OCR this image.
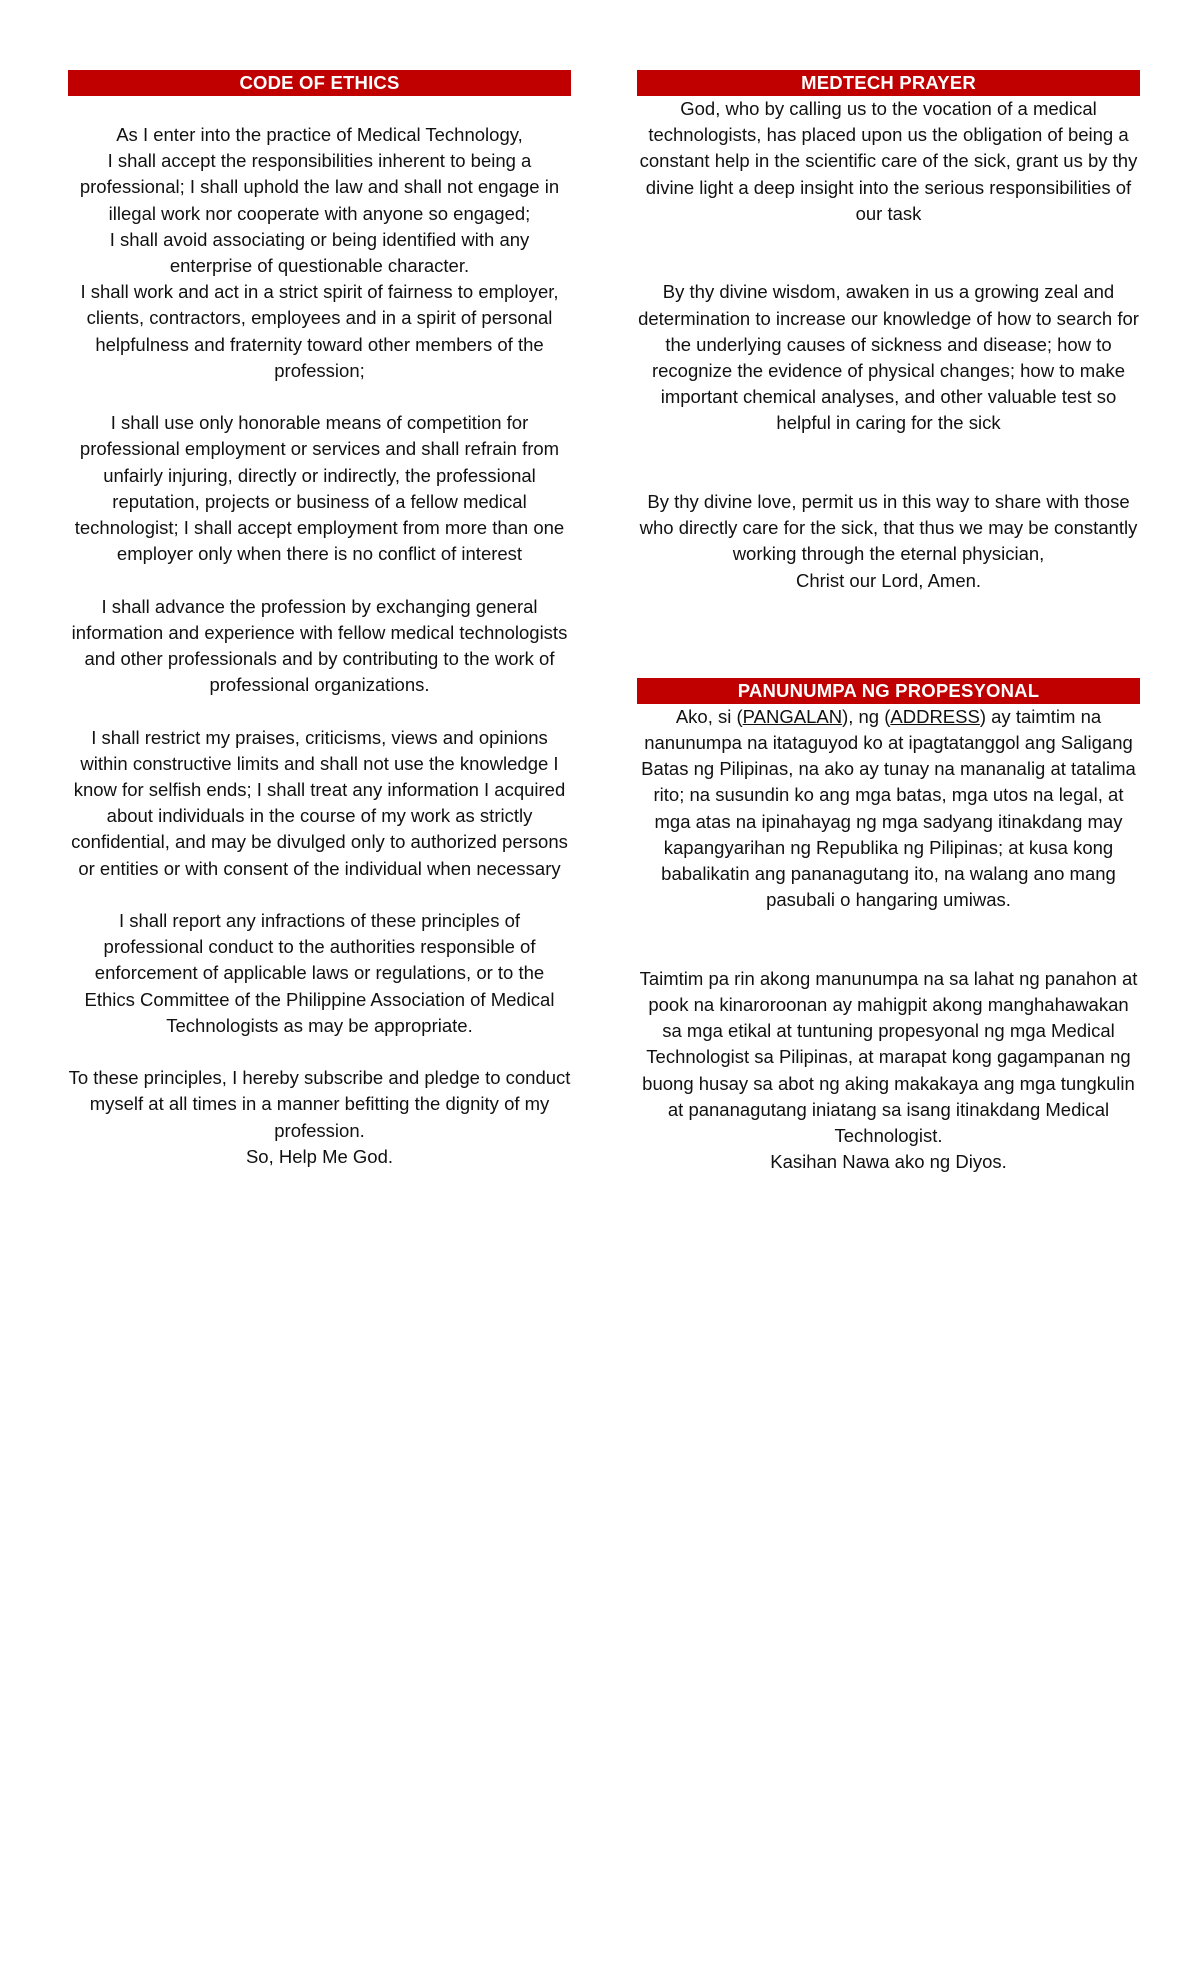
CODE OF ETHICS

As I enter into the practice of Medical Technology,
I shall accept the responsibilities inherent to being a professional; I shall uphold the law and shall not engage in illegal work nor cooperate with anyone so engaged;
I shall avoid associating or being identified with any enterprise of questionable character.
I shall work and act in a strict spirit of fairness to employer, clients, contractors, employees and in a spirit of personal helpfulness and fraternity toward other members of the profession;

I shall use only honorable means of competition for professional employment or services and shall refrain from unfairly injuring, directly or indirectly, the professional reputation, projects or business of a fellow medical technologist; I shall accept employment from more than one employer only when there is no conflict of interest

I shall advance the profession by exchanging general information and experience with fellow medical technologists and other professionals and by contributing to the work of professional organizations.

I shall restrict my praises, criticisms, views and opinions within constructive limits and shall not use the knowledge I know for selfish ends; I shall treat any information I acquired about individuals in the course of my work as strictly confidential, and may be divulged only to authorized persons or entities or with consent of the individual when necessary

I shall report any infractions of these principles of professional conduct to the authorities responsible of enforcement of applicable laws or regulations, or to the Ethics Committee of the Philippine Association of Medical Technologists as may be appropriate.

To these principles, I hereby subscribe and pledge to conduct myself at all times in a manner befitting the dignity of my profession.
So, Help Me God.

MEDTECH PRAYER

God, who by calling us to the vocation of a medical technologists, has placed upon us the obligation of being a constant help in the scientific care of the sick, grant us by thy divine light a deep insight into the serious responsibilities of our task

By thy divine wisdom, awaken in us a growing zeal and determination to increase our knowledge of how to search for the underlying causes of sickness and disease; how to recognize the evidence of physical changes; how to make important chemical analyses, and other valuable test so helpful in caring for the sick

By thy divine love, permit us in this way to share with those who directly care for the sick, that thus we may be constantly working through the eternal physician,
Christ our Lord, Amen.

PANUNUMPA NG PROPESYONAL

Ako, si (PANGALAN), ng (ADDRESS) ay taimtim na nanunumpa na itataguyod ko at ipagtatanggol ang Saligang Batas ng Pilipinas, na ako ay tunay na mananalig at tatalima rito; na susundin ko ang mga batas, mga utos na legal, at mga atas na ipinahayag ng mga sadyang itinakdang may kapangyarihan ng Republika ng Pilipinas; at kusa kong babalikatin ang pananagutang ito, na walang ano mang pasubali o hangaring umiwas.

Taimtim pa rin akong manunumpa na sa lahat ng panahon at pook na kinaroroonan ay mahigpit akong manghahawakan sa mga etikal at tuntuning propesyonal ng mga Medical Technologist sa Pilipinas, at marapat kong gagampanan ng buong husay sa abot ng aking makakaya ang mga tungkulin at pananagutang iniatang sa isang itinakdang Medical Technologist.
Kasihan Nawa ako ng Diyos.
